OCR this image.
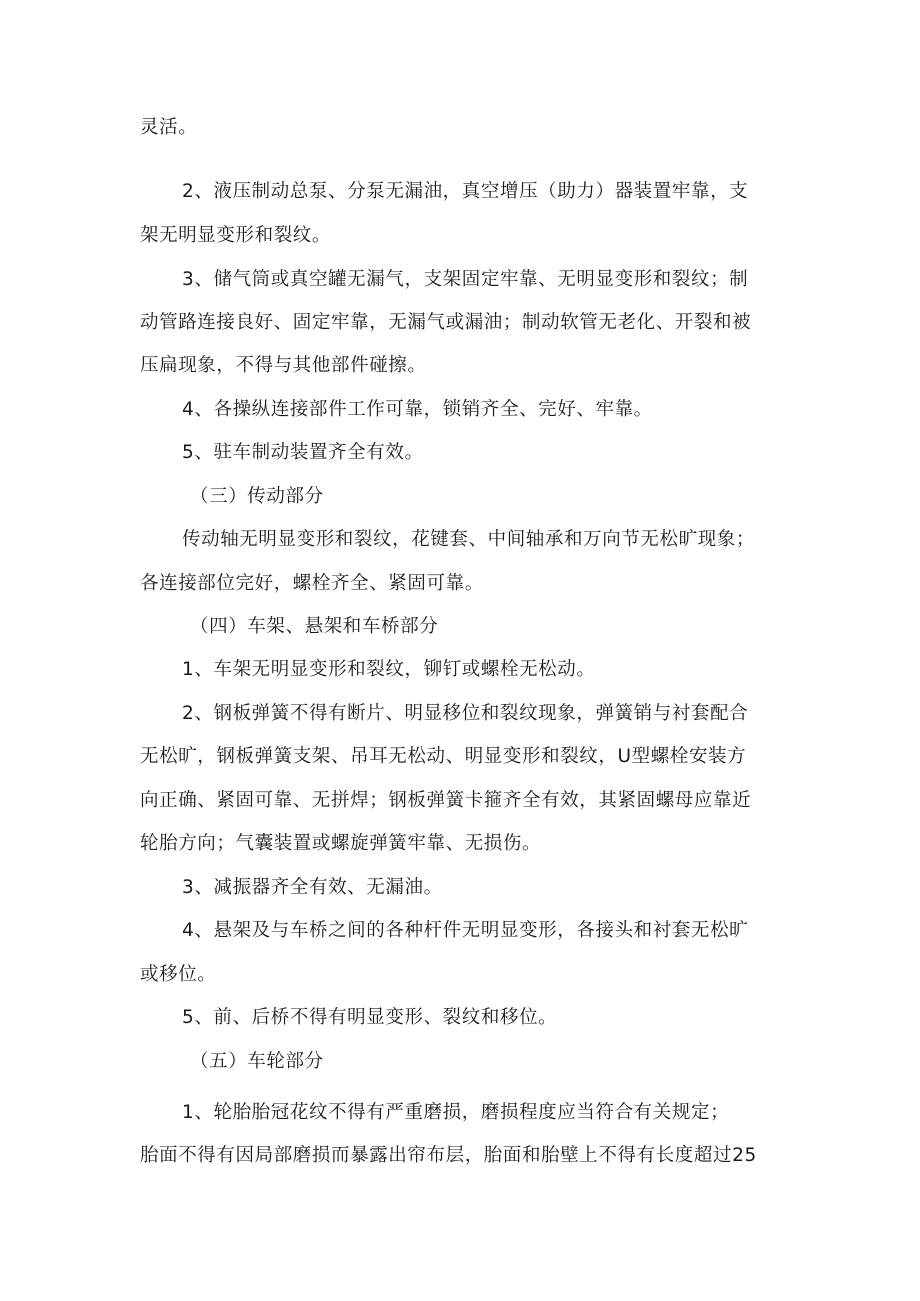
灵活。
2、液压制动总泵、分泵无漏油，真空增压（助力）器装置牢靠，支
架无明显变形和裂纹。
3、储气筒或真空罐无漏气，支架固定牢靠、无明显变形和裂纹；制
动管路连接良好、固定牢靠，无漏气或漏油；制动软管无老化、开裂和被
压扁现象，不得与其他部件碰擦。
4、各操纵连接部件工作可靠，锁销齐全、完好、牢靠。
5、驻车制动装置齐全有效。
（三）传动部分
传动轴无明显变形和裂纹，花键套、中间轴承和万向节无松旷现象；
各连接部位完好，螺栓齐全、紧固可靠。
（四）车架、悬架和车桥部分
1、车架无明显变形和裂纹，铆钉或螺栓无松动。
2、钢板弹簧不得有断片、明显移位和裂纹现象，弹簧销与衬套配合
无松旷，钢板弹簧支架、吊耳无松动、明显变形和裂纹，U型螺栓安装方
向正确、紧固可靠、无拼焊；钢板弹簧卡箍齐全有效，其紧固螺母应靠近
轮胎方向；气囊装置或螺旋弹簧牢靠、无损伤。
3、减振器齐全有效、无漏油。
4、悬架及与车桥之间的各种杆件无明显变形，各接头和衬套无松旷
或移位。
5、前、后桥不得有明显变形、裂纹和移位。
（五）车轮部分
1、轮胎胎冠花纹不得有严重磨损，磨损程度应当符合有关规定；
胎面不得有因局部磨损而暴露出帘布层，胎面和胎壁上不得有长度超过25
